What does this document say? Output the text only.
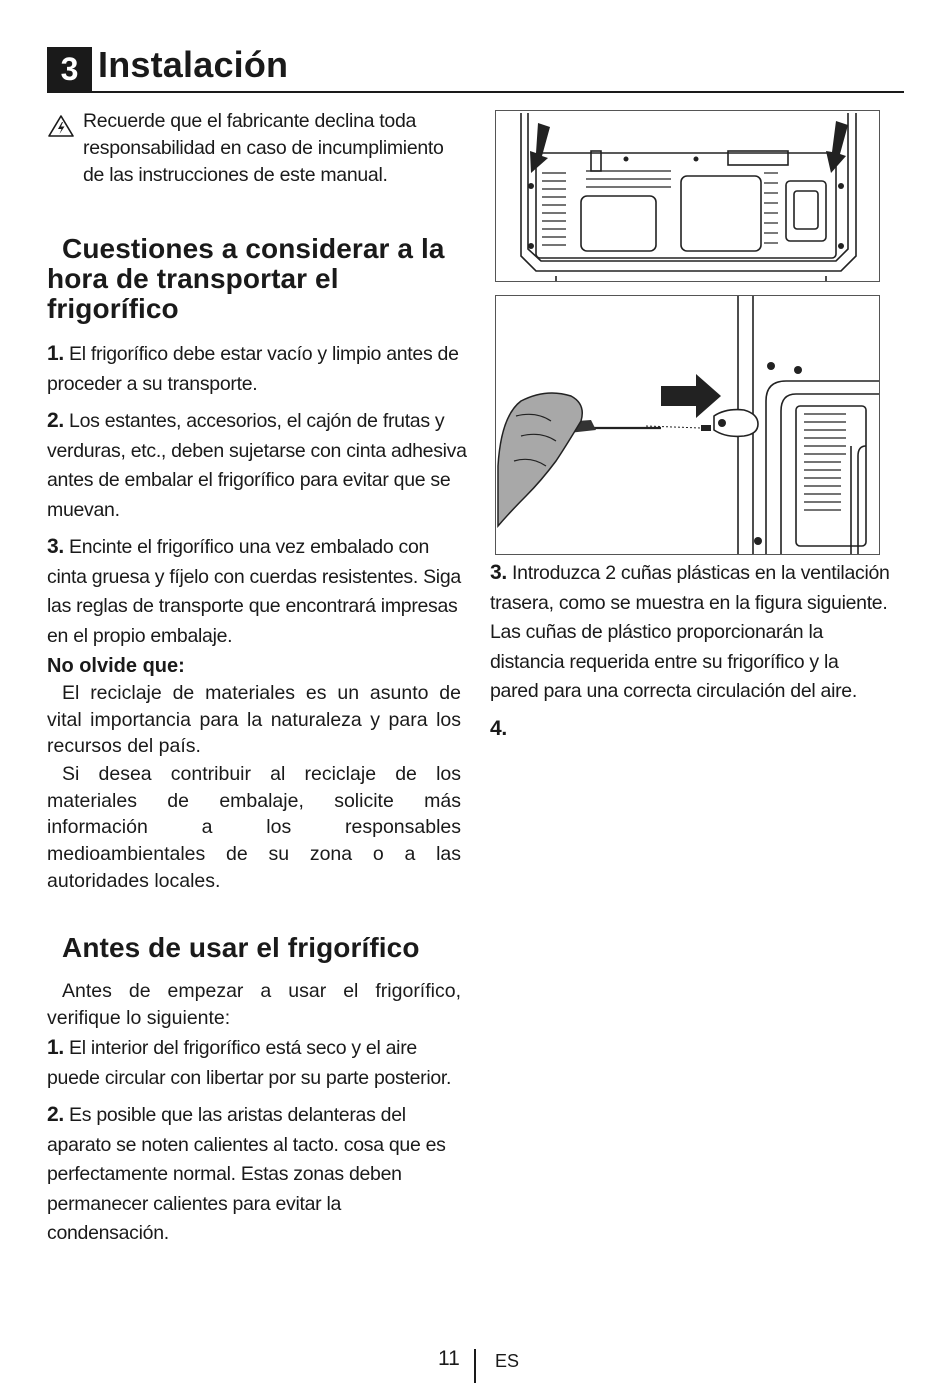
3 Instalación
Recuerde que el fabricante declina toda responsabilidad en caso de incumplimiento de las instrucciones de este manual.
Cuestiones a considerar a la hora de transportar el frigorífico

1. El frigorífico debe estar vacío y limpio antes de proceder a su transporte.

2. Los estantes, accesorios, el cajón de frutas y verduras, etc., deben sujetarse con cinta adhesiva antes de embalar el frigorífico para evitar que se muevan.

3. Encinte el frigorífico una vez embalado con cinta gruesa y fíjelo con cuerdas resistentes. Siga las reglas de transporte que encontrará impresas en el propio embalaje.

No olvide que:
El reciclaje de materiales es un asunto de vital importancia para la naturaleza y para los recursos del país.
Si desea contribuir al reciclaje de los materiales de embalaje, solicite más información a los responsables medioambientales de su zona o a las autoridades locales.
Antes de usar el frigorífico
Antes de empezar a usar el frigorífico, verifique lo siguiente:

1. El interior del frigorífico está seco y el aire puede circular con libertar por su parte posterior.

2. Es posible que las aristas delanteras del aparato se noten calientes al tacto. cosa que es perfectamente normal. Estas zonas deben permanecer calientes para evitar la condensación.

3. Introduzca 2 cuñas plásticas en la ventilación trasera, como se muestra en la figura siguiente. Las cuñas de plástico proporcionarán la distancia requerida entre su frigorífico y la pared para una correcta circulación del aire.

4.

11 ES
